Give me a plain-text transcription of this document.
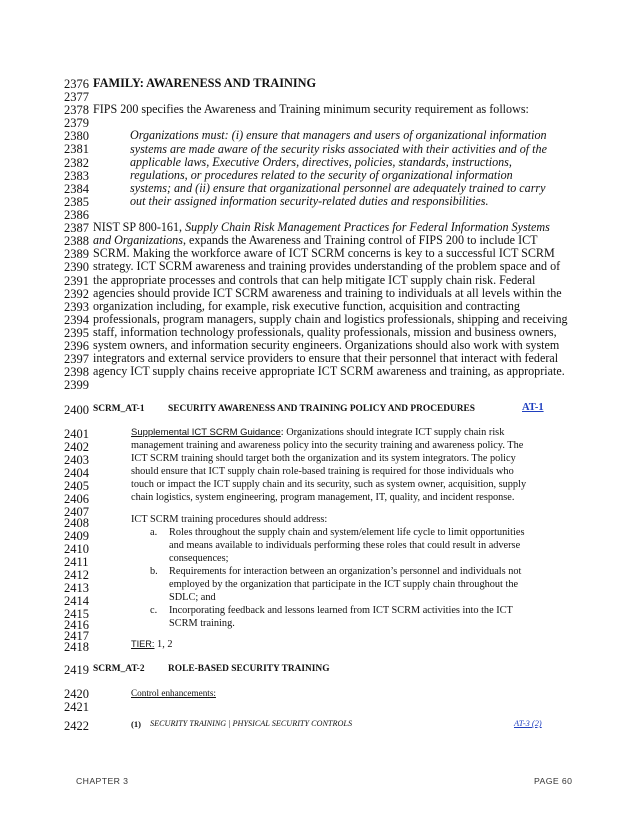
2376
2377
2378
2379
2380
2381
2382
2383
2384
2385
2386
2387
2388
2389
2390
2391
2392
2393
2394
2395
2396
2397
2398
2399
2400
2401
2402
2403
2404
2405
2406
2407
2408
2409
2410
2411
2412
2413
2414
2415
2416
2417
2418
2419
2420
2421
2422
FAMILY: AWARENESS AND TRAINING
FIPS 200 specifies the Awareness and Training minimum security requirement as follows:
Organizations must: (i) ensure that managers and users of organizational information
systems are made aware of the security risks associated with their activities and of the
applicable laws, Executive Orders, directives, policies, standards, instructions,
regulations, or procedures related to the security of organizational information
systems; and (ii) ensure that organizational personnel are adequately trained to carry
out their assigned information security-related duties and responsibilities.
NIST SP 800-161, Supply Chain Risk Management Practices for Federal Information Systems
and Organizations, expands the Awareness and Training control of FIPS 200 to include ICT
SCRM. Making the workforce aware of ICT SCRM concerns is key to a successful ICT SCRM
strategy. ICT SCRM awareness and training provides understanding of the problem space and of
the appropriate processes and controls that can help mitigate ICT supply chain risk. Federal
agencies should provide ICT SCRM awareness and training to individuals at all levels within the
organization including, for example, risk executive function, acquisition and contracting
professionals, program managers, supply chain and logistics professionals, shipping and receiving
staff, information technology professionals, quality professionals, mission and business owners,
system owners, and information security engineers. Organizations should also work with system
integrators and external service providers to ensure that their personnel that interact with federal
agency ICT supply chains receive appropriate ICT SCRM awareness and training, as appropriate.
SCRM_AT-1 SECURITY AWARENESS AND TRAINING POLICY AND PROCEDURES	AT-1
Supplemental ICT SCRM Guidance: Organizations should integrate ICT supply chain risk
management training and awareness policy into the security training and awareness policy. The
ICT SCRM training should target both the organization and its system integrators. The policy
should ensure that ICT supply chain role-based training is required for those individuals who
touch or impact the ICT supply chain and its security, such as system owner, acquisition, supply
chain logistics, system engineering, program management, IT, quality, and incident response.
ICT SCRM training procedures should address:
a. Roles throughout the supply chain and system/element life cycle to limit opportunities
and means available to individuals performing these roles that could result in adverse
consequences;
b. Requirements for interaction between an organization’s personnel and individuals not
employed by the organization that participate in the ICT supply chain throughout the
SDLC; and
c. Incorporating feedback and lessons learned from ICT SCRM activities into the ICT
SCRM training.
TIER: 1, 2
SCRM_AT-2 ROLE-BASED SECURITY TRAINING
Control enhancements:
(1) SECURITY TRAINING | PHYSICAL SECURITY CONTROLS	AT-3 (2)
CHAPTER 3	PAGE 60
